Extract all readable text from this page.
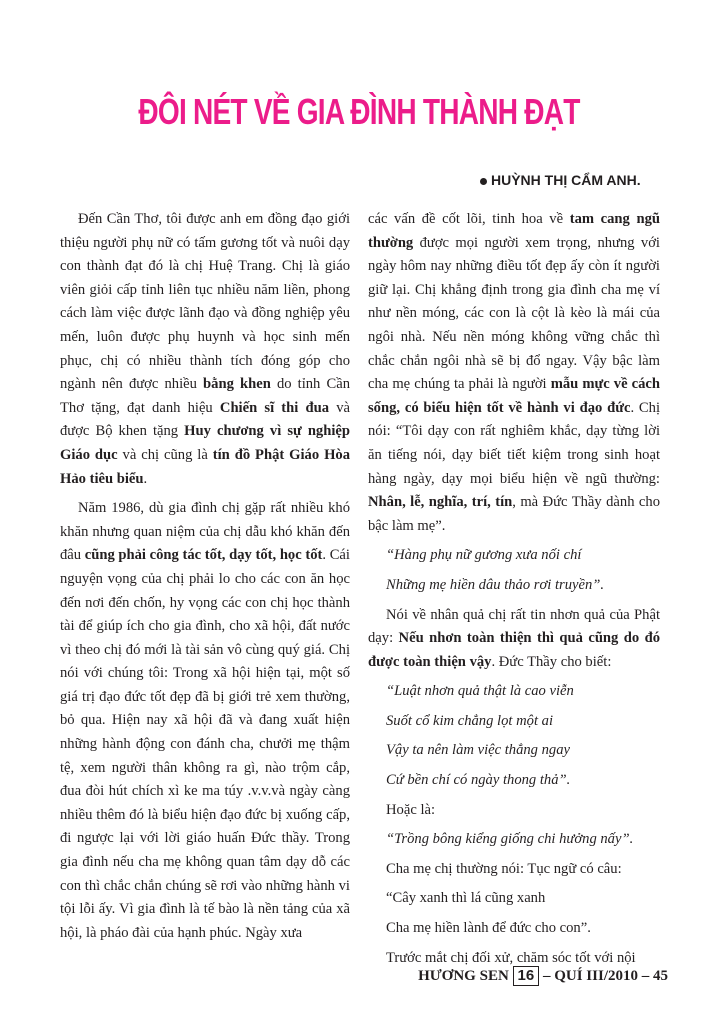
ĐÔI NÉT VỀ GIA ĐÌNH THÀNH ĐẠT
HUỲNH THỊ CẨM ANH.

Đến Cần Thơ, tôi được anh em đồng đạo giới thiệu người phụ nữ có tấm gương tốt và nuôi dạy con thành đạt đó là chị Huệ Trang. Chị là giáo viên giỏi cấp tỉnh liên tục nhiều năm liền, phong cách làm việc được lãnh đạo và đồng nghiệp yêu mến, luôn được phụ huynh và học sinh mến phục, chị có nhiều thành tích đóng góp cho ngành nên được nhiều bằng khen do tỉnh Cần Thơ tặng, đạt danh hiệu Chiến sĩ thi đua và được Bộ khen tặng Huy chương vì sự nghiệp Giáo dục và chị cũng là tín đồ Phật Giáo Hòa Hảo tiêu biểu.

Năm 1986, dù gia đình chị gặp rất nhiều khó khăn nhưng quan niệm của chị dẫu khó khăn đến đâu cũng phải công tác tốt, dạy tốt, học tốt. Cái nguyện vọng của chị phải lo cho các con ăn học đến nơi đến chốn, hy vọng các con chị học thành tài để giúp ích cho gia đình, cho xã hội, đất nước vì theo chị đó mới là tài sản vô cùng quý giá. Chị nói với chúng tôi: Trong xã hội hiện tại, một số giá trị đạo đức tốt đẹp đã bị giới trẻ xem thường, bỏ qua. Hiện nay xã hội đã và đang xuất hiện những hành động con đánh cha, chưởi mẹ thậm tệ, xem người thân không ra gì, nào trộm cắp, đua đòi hút chích xì ke ma túy .v.v.và ngày càng nhiều thêm đó là biểu hiện đạo đức bị xuống cấp, đi ngược lại với lời giáo huấn Đức thầy. Trong gia đình nếu cha mẹ không quan tâm dạy dỗ các con thì chắc chắn chúng sẽ rơi vào những hành vi tội lỗi ấy. Vì gia đình là tế bào là nền tảng của xã hội, là pháo đài của hạnh phúc. Ngày xưa

các vấn đề cốt lõi, tinh hoa về tam cang ngũ thường được mọi người xem trọng, nhưng với ngày hôm nay những điều tốt đẹp ấy còn ít người giữ lại. Chị khẳng định trong gia đình cha mẹ ví như nền móng, các con là cột là kèo là mái của ngôi nhà. Nếu nền móng không vững chắc thì chắc chắn ngôi nhà sẽ bị đổ ngay. Vậy bậc làm cha mẹ chúng ta phải là người mẫu mực về cách sống, có biểu hiện tốt về hành vi đạo đức. Chị nói: “Tôi dạy con rất nghiêm khắc, dạy từng lời ăn tiếng nói, dạy biết tiết kiệm trong sinh hoạt hàng ngày, dạy mọi biểu hiện về ngũ thường: Nhân, lễ, nghĩa, trí, tín, mà Đức Thầy dành cho bậc làm mẹ”.

“Hàng phụ nữ gương xưa nối chí

Những mẹ hiền dâu thảo rơi truyền”.

Nói về nhân quả chị rất tin nhơn quả của Phật dạy: Nếu nhơn toàn thiện thì quả cũng do đó được toàn thiện vậy. Đức Thầy cho biết:

“Luật nhơn quả thật là cao viễn

Suốt cổ kim chẳng lọt một ai

Vậy ta nên làm việc thẳng ngay

Cứ bền chí có ngày thong thả”.

Hoặc là:

“Trồng bông kiểng giống chi hưởng nấy”.

Cha mẹ chị thường nói: Tục ngữ có câu:

“Cây xanh thì lá cũng xanh

Cha mẹ hiền lành để đức cho con”.

Trước mắt chị đối xử, chăm sóc tốt với nội

HƯƠNG SEN 16 – QUÍ III/2010 – 45
